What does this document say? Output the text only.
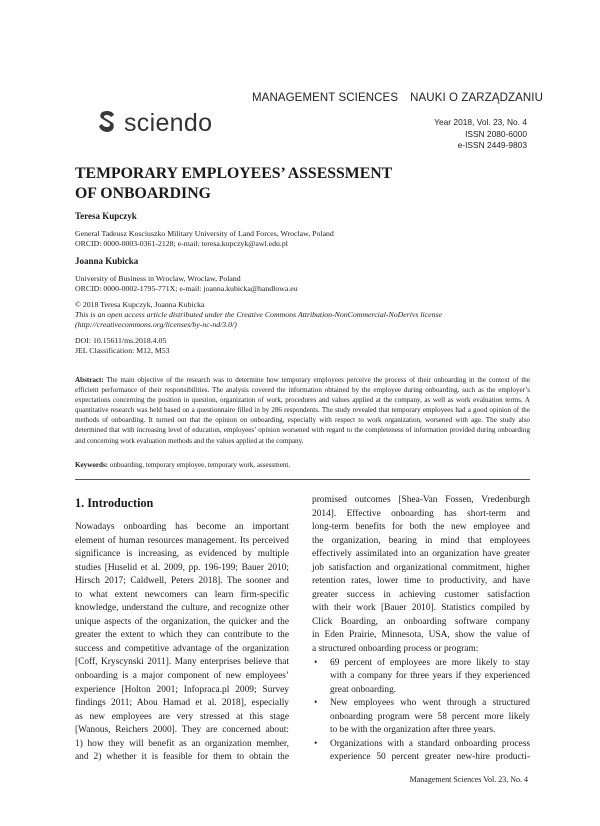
MANAGEMENT SCIENCES NAUKI O ZARZĄDZANIU
sciendo	Year 2018, Vol. 23, No. 4
ISSN 2080-6000
e-ISSN 2449-9803
TEMPORARY EMPLOYEES’ ASSESSMENT
OF ONBOARDING
Teresa Kupczyk
General Tadeusz Kosciuszko Military University of Land Forces, Wroclaw, Poland
ORCID: 0000-0003-0361-2128; e-mail: teresa.kupczyk@awl.edu.pl
Joanna Kubicka
University of Business in Wroclaw, Wroclaw, Poland
ORCID: 0000-0002-1795-771X; e-mail: joanna.kubicka@handlowa.eu
© 2018 Teresa Kupczyk, Joanna Kubicka
This is an open access article distributed under the Creative Commons Attribution-NonCommercial-NoDerivs license
(http://creativecommons.org/licenses/by-nc-nd/3.0/)
DOI: 10.15611/ms.2018.4.05
JEL Classification: M12, M53
Abstract: The main objective of the research was to determine how temporary employees perceive the process of their onboarding in the context of the efficient performance of their responsibilities. The analysis covered the information obtained by the employee during onboarding, such as the employer’s expectations concerning the position in question, organization of work, procedures and values applied at the company, as well as work evaluation terms. A quantitative research was held based on a questionnaire filled in by 286 respondents. The study revealed that temporary employees had a good opinion of the methods of onboarding. It turned out that the opinion on onboarding, especially with respect to work organization, worsened with age. The study also determined that with increasing level of education, employees’ opinion worsened with regard to the completeness of information provided during onboarding and concerning work evaluation methods and the values applied at the company.
Keywords: onboarding, temporary employee, temporary work, assessment.
1. Introduction
Nowadays onboarding has become an important
element of human resources management. Its perceived
significance is increasing, as evidenced by multiple
studies [Huselid et al. 2009, pp. 196-199; Bauer 2010;
Hirsch 2017; Caldwell, Peters 2018]. The sooner and
to what extent newcomers can learn firm-specific
knowledge, understand the culture, and recognize other
unique aspects of the organization, the quicker and the
greater the extent to which they can contribute to the
success and competitive advantage of the organization
[Coff, Kryscynski 2011]. Many enterprises believe that
onboarding is a major component of new employees’
experience [Holton 2001; Infopraca.pl 2009; Survey
findings 2011; Abou Hamad et al. 2018], especially
as new employees are very stressed at this stage
[Wanous, Reichers 2000]. They are concerned about:
1) how they will benefit as an organization member,
and 2) whether it is feasible for them to obtain the
promised outcomes [Shea-Van Fossen, Vredenburgh
2014]. Effective onboarding has short-term and
long-term benefits for both the new employee and
the organization, bearing in mind that employees
effectively assimilated into an organization have greater
job satisfaction and organizational commitment, higher
retention rates, lower time to productivity, and have
greater success in achieving customer satisfaction
with their work [Bauer 2010]. Statistics compiled by
Click Boarding, an onboarding software company
in Eden Prairie, Minnesota, USA, show the value of
a structured onboarding process or program:
• 69 percent of employees are more likely to stay
with a company for three years if they experienced
great onboarding.
• New employees who went through a structured
onboarding program were 58 percent more likely
to be with the organization after three years.
• Organizations with a standard onboarding process
experience 50 percent greater new-hire producti-
Management Sciences Vol. 23, No. 4
